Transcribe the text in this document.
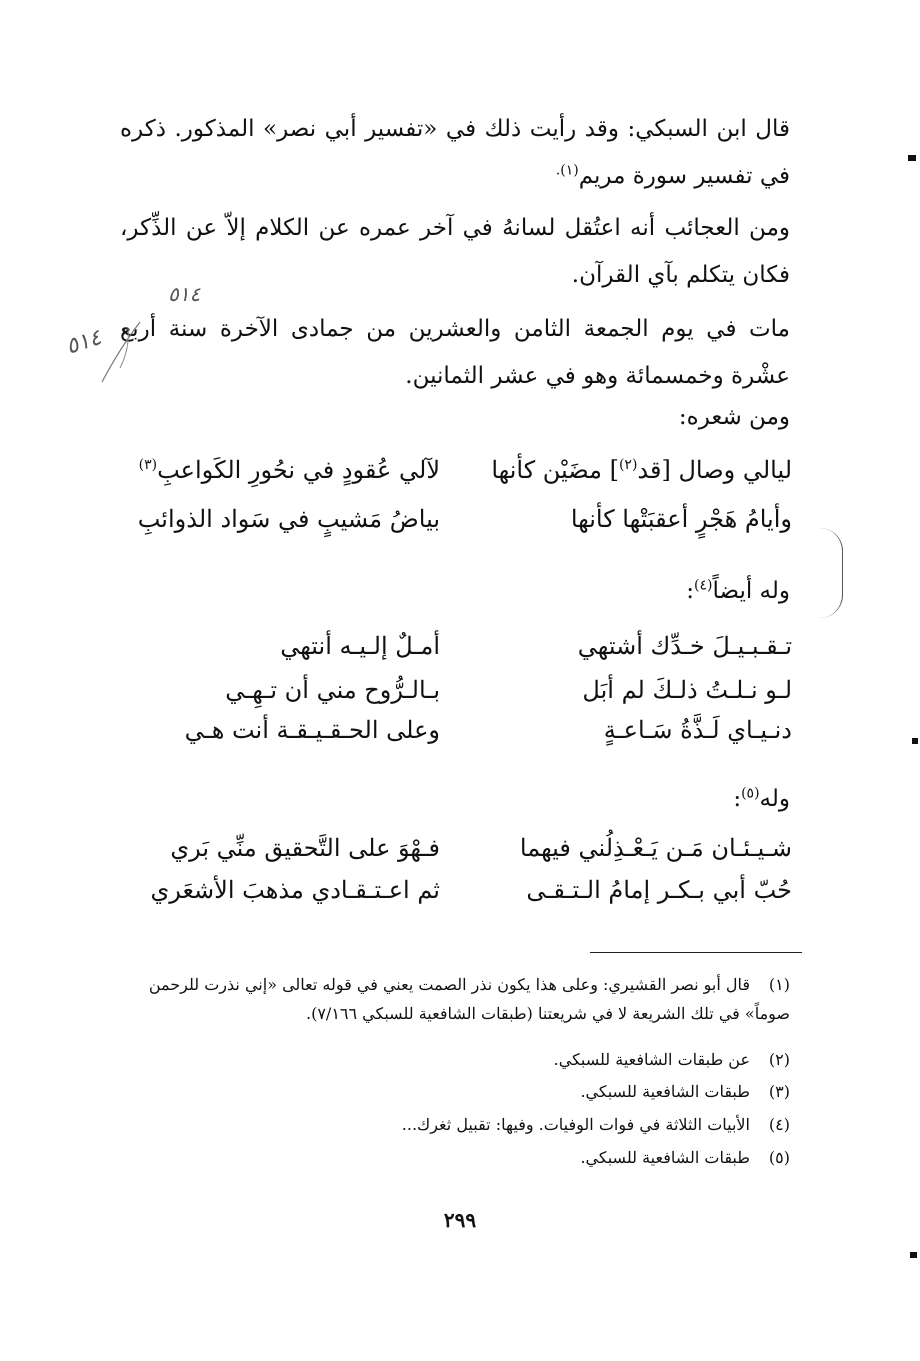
قال ابن السبكي: وقد رأيت ذلك في «تفسير أبي نصر» المذكور. ذكره في تفسير سورة مريم$^{(١).}$
ومن العجائب أنه اعتُقل لسانهُ في آخر عمره عن الكلام إلاّ عن الذِّكر، فكان يتكلم بآي القرآن.
مات في يوم الجمعة الثامن والعشرين من جمادى الآخرة سنة أربع عشْرة وخمسمائة وهو في عشر الثمانين.
ومن شعره:
ليالي وصال [قد$^{(٢)}$] مضَيْن كأنها
لآلي عُقودٍ في نحُورِ الكَواعبِ$^{(٣)}$
وأيامُ هَجْرٍ أعقبَتْها كأنها
بياضُ مَشيبٍ في سَواد الذوائبِ
وله أيضاً$^{(٤)}$:
تـقـبـيـلَ خـدِّك أشتهي
أمـلٌ إلـيـه أنتهي
لـو نـلـتُ ذلـكَ لم أبَل
بـالـرُّوح مني أن تـهِـي
دنـيـاي لَـذَّةُ سَـاعـةٍ
وعلى الحـقـيـقـة أنت هـي
وله$^{(٥)}$:
شـيـئـان مَـن يَـعْـذِلُني فيهما
فـهْوَ على التَّحقيق منِّي بَري
حُبّ أبي بـكـر إمامُ الـتـقـى
ثم اعـتـقـادي مذهبَ الأشعَري
(١)قال أبو نصر القشيري: وعلى هذا يكون نذر الصمت يعني في قوله تعالى «إني نذرت للرحمن صوماً» في تلك الشريعة لا في شريعتنا (طبقات الشافعية للسبكي ٧/١٦٦).
(٢)عن طبقات الشافعية للسبكي.
(٣)طبقات الشافعية للسبكي.
(٤)الأبيات الثلاثة في فوات الوفيات. وفيها: تقبيل ثغرك...
(٥)طبقات الشافعية للسبكي.
٢٩٩
٥١٤
٥١٤
